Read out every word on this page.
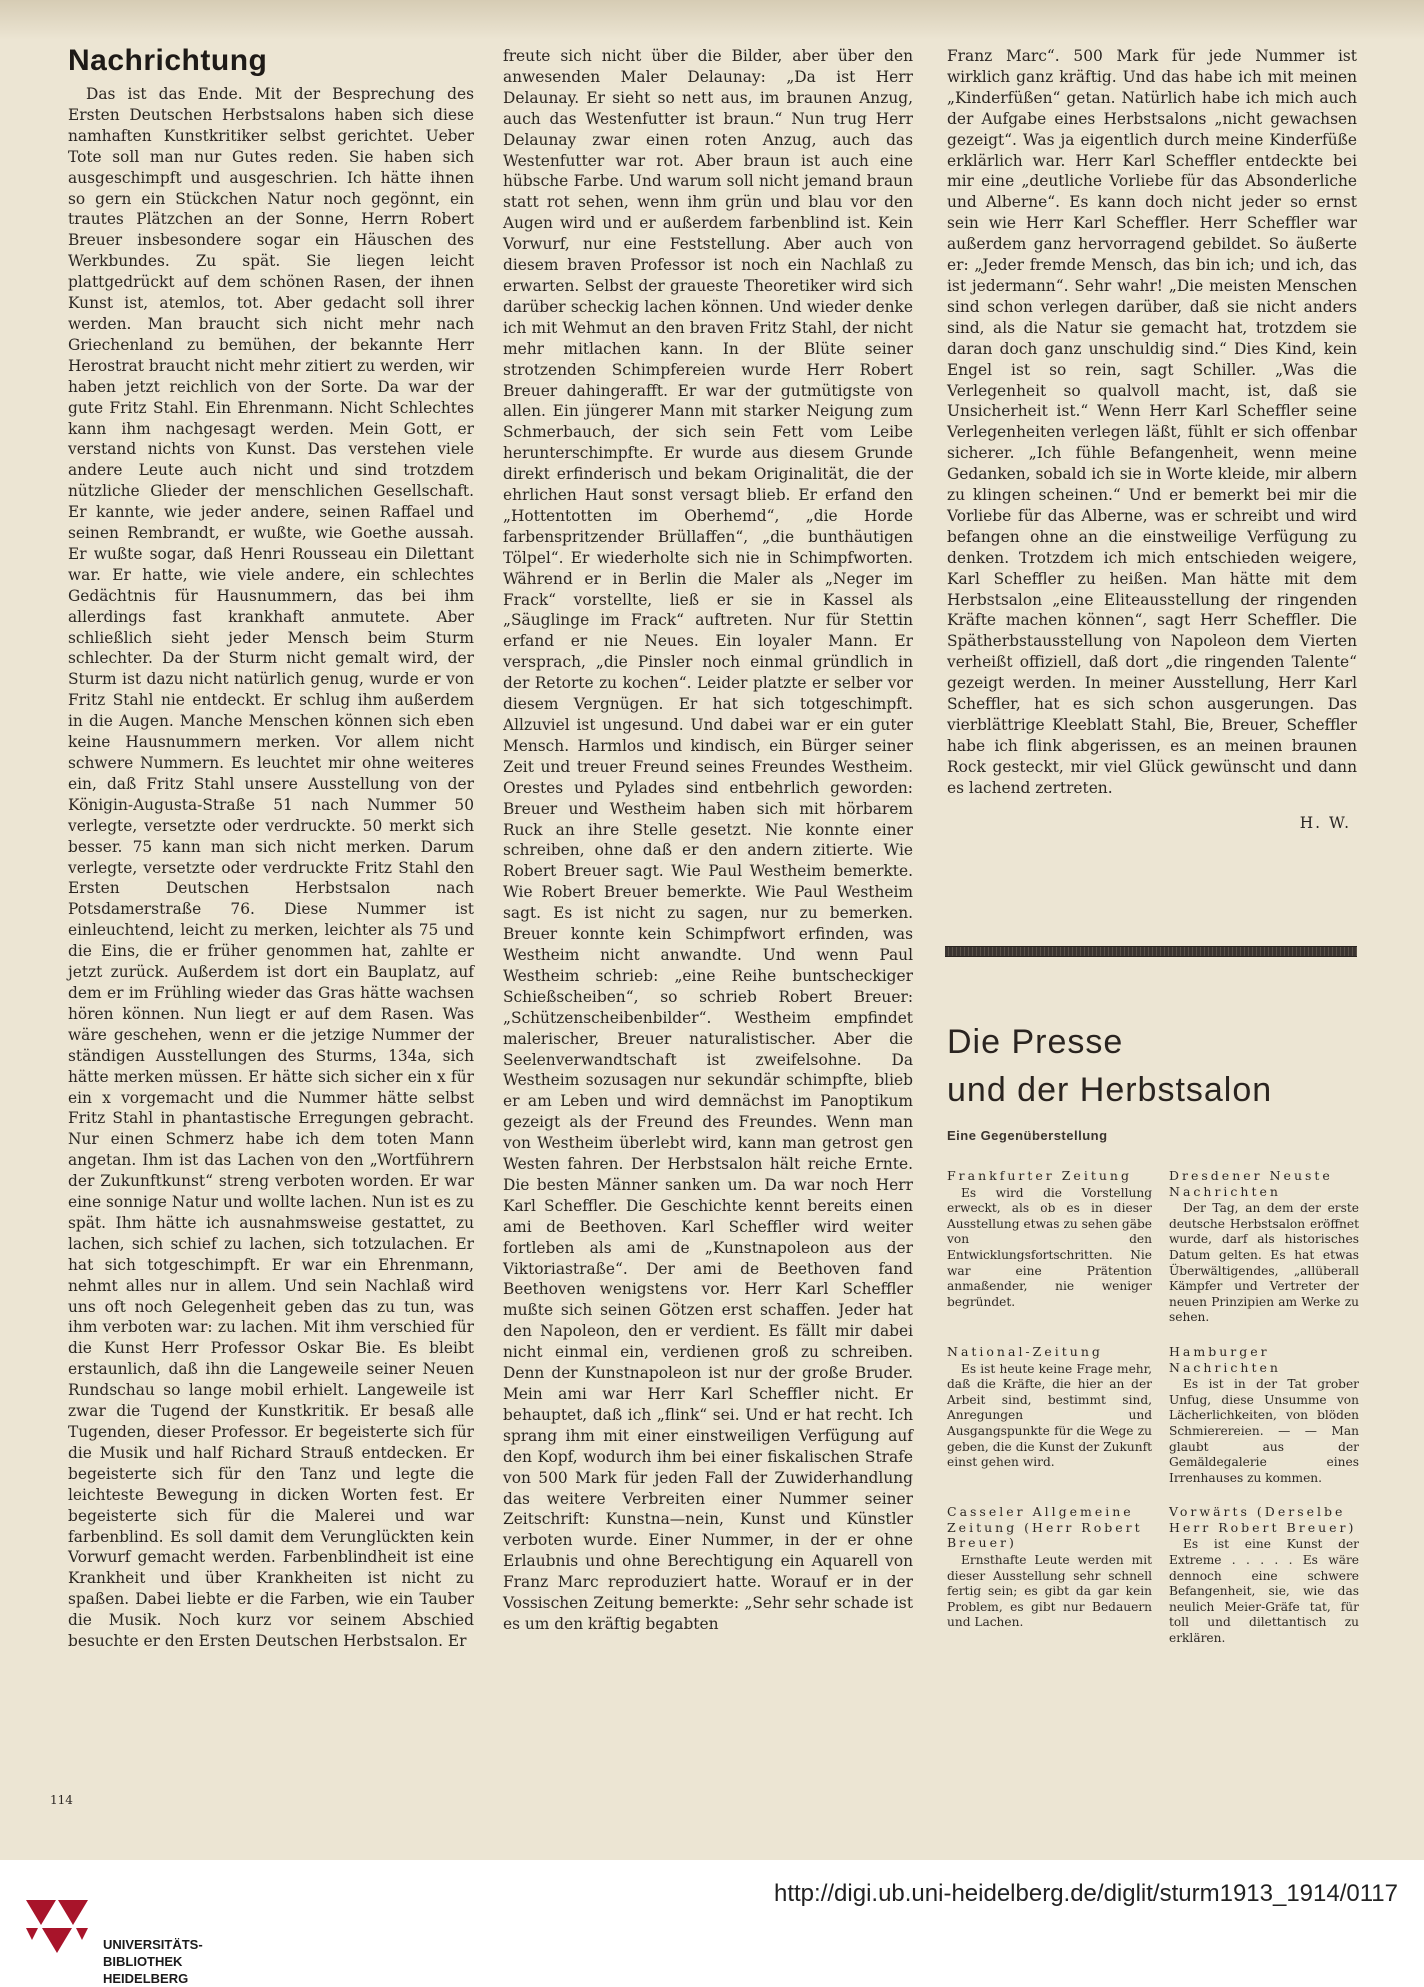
Nachrichtung

Das ist das Ende. Mit der Besprechung des Ersten Deutschen Herbstsalons haben sich diese namhaften Kunstkritiker selbst gerichtet. Ueber Tote soll man nur Gutes reden. Sie haben sich ausgeschimpft und ausgeschrien. Ich hätte ihnen so gern ein Stückchen Natur noch gegönnt, ein trautes Plätzchen an der Sonne, Herrn Robert Breuer insbesondere sogar ein Häuschen des Werkbundes. Zu spät. Sie liegen leicht plattgedrückt auf dem schönen Rasen, der ihnen Kunst ist, atemlos, tot. Aber gedacht soll ihrer werden. Man braucht sich nicht mehr nach Griechenland zu bemühen, der bekannte Herr Herostrat braucht nicht mehr zitiert zu werden, wir haben jetzt reichlich von der Sorte. Da war der gute Fritz Stahl. Ein Ehrenmann. Nicht Schlechtes kann ihm nachgesagt werden. Mein Gott, er verstand nichts von Kunst. Das verstehen viele andere Leute auch nicht und sind trotzdem nützliche Glieder der menschlichen Gesellschaft. Er kannte, wie jeder andere, seinen Raffael und seinen Rembrandt, er wußte, wie Goethe aussah. Er wußte sogar, daß Henri Rousseau ein Dilettant war. Er hatte, wie viele andere, ein schlechtes Gedächtnis für Hausnummern, das bei ihm allerdings fast krankhaft anmutete. Aber schließlich sieht jeder Mensch beim Sturm schlechter. Da der Sturm nicht gemalt wird, der Sturm ist dazu nicht natürlich genug, wurde er von Fritz Stahl nie entdeckt. Er schlug ihm außerdem in die Augen. Manche Menschen können sich eben keine Hausnummern merken. Vor allem nicht schwere Nummern. Es leuchtet mir ohne weiteres ein, daß Fritz Stahl unsere Ausstellung von der Königin-Augusta-Straße 51 nach Nummer 50 verlegte, versetzte oder verdruckte. 50 merkt sich besser. 75 kann man sich nicht merken. Darum verlegte, versetzte oder verdruckte Fritz Stahl den Ersten Deutschen Herbstsalon nach Potsdamerstraße 76. Diese Nummer ist einleuchtend, leicht zu merken, leichter als 75 und die Eins, die er früher genommen hat, zahlte er jetzt zurück. Außerdem ist dort ein Bauplatz, auf dem er im Frühling wieder das Gras hätte wachsen hören können. Nun liegt er auf dem Rasen. Was wäre geschehen, wenn er die jetzige Nummer der ständigen Ausstellungen des Sturms, 134a, sich hätte merken müssen. Er hätte sich sicher ein x für ein x vorgemacht und die Nummer hätte selbst Fritz Stahl in phantastische Erregungen gebracht. Nur einen Schmerz habe ich dem toten Mann angetan. Ihm ist das Lachen von den „Wortführern der Zukunftkunst“ streng verboten worden. Er war eine sonnige Natur und wollte lachen. Nun ist es zu spät. Ihm hätte ich ausnahmsweise gestattet, zu lachen, sich schief zu lachen, sich totzulachen. Er hat sich totgeschimpft. Er war ein Ehrenmann, nehmt alles nur in allem. Und sein Nachlaß wird uns oft noch Gelegenheit geben das zu tun, was ihm verboten war: zu lachen. Mit ihm verschied für die Kunst Herr Professor Oskar Bie. Es bleibt erstaunlich, daß ihn die Langeweile seiner Neuen Rundschau so lange mobil erhielt. Langeweile ist zwar die Tugend der Kunstkritik. Er besaß alle Tugenden, dieser Professor. Er begeisterte sich für die Musik und half Richard Strauß entdecken. Er begeisterte sich für den Tanz und legte die leichteste Bewegung in dicken Worten fest. Er begeisterte sich für die Malerei und war farbenblind. Es soll damit dem Verunglückten kein Vorwurf gemacht werden. Farbenblindheit ist eine Krankheit und über Krankheiten ist nicht zu spaßen. Dabei liebte er die Farben, wie ein Tauber die Musik. Noch kurz vor seinem Abschied besuchte er den Ersten Deutschen Herbstsalon. Er

freute sich nicht über die Bilder, aber über den anwesenden Maler Delaunay: „Da ist Herr Delaunay. Er sieht so nett aus, im braunen Anzug, auch das Westenfutter ist braun.“ Nun trug Herr Delaunay zwar einen roten Anzug, auch das Westenfutter war rot. Aber braun ist auch eine hübsche Farbe. Und warum soll nicht jemand braun statt rot sehen, wenn ihm grün und blau vor den Augen wird und er außerdem farbenblind ist. Kein Vorwurf, nur eine Feststellung. Aber auch von diesem braven Professor ist noch ein Nachlaß zu erwarten. Selbst der graueste Theoretiker wird sich darüber scheckig lachen können. Und wieder denke ich mit Wehmut an den braven Fritz Stahl, der nicht mehr mitlachen kann. In der Blüte seiner strotzenden Schimpfereien wurde Herr Robert Breuer dahingerafft. Er war der gutmütigste von allen. Ein jüngerer Mann mit starker Neigung zum Schmerbauch, der sich sein Fett vom Leibe herunterschimpfte. Er wurde aus diesem Grunde direkt erfinderisch und bekam Originalität, die der ehrlichen Haut sonst versagt blieb. Er erfand den „Hottentotten im Oberhemd“, „die Horde farbenspritzender Brüllaffen“, „die bunthäutigen Tölpel“. Er wiederholte sich nie in Schimpfworten. Während er in Berlin die Maler als „Neger im Frack“ vorstellte, ließ er sie in Kassel als „Säuglinge im Frack“ auftreten. Nur für Stettin erfand er nie Neues. Ein loyaler Mann. Er versprach, „die Pinsler noch einmal gründlich in der Retorte zu kochen“. Leider platzte er selber vor diesem Vergnügen. Er hat sich totgeschimpft. Allzuviel ist ungesund. Und dabei war er ein guter Mensch. Harmlos und kindisch, ein Bürger seiner Zeit und treuer Freund seines Freundes Westheim. Orestes und Pylades sind entbehrlich geworden: Breuer und Westheim haben sich mit hörbarem Ruck an ihre Stelle gesetzt. Nie konnte einer schreiben, ohne daß er den andern zitierte. Wie Robert Breuer sagt. Wie Paul Westheim bemerkte. Wie Robert Breuer bemerkte. Wie Paul Westheim sagt. Es ist nicht zu sagen, nur zu bemerken. Breuer konnte kein Schimpfwort erfinden, was Westheim nicht anwandte. Und wenn Paul Westheim schrieb: „eine Reihe buntscheckiger Schießscheiben“, so schrieb Robert Breuer: „Schützenscheibenbilder“. Westheim empfindet malerischer, Breuer naturalistischer. Aber die Seelenverwandtschaft ist zweifelsohne. Da Westheim sozusagen nur sekundär schimpfte, blieb er am Leben und wird demnächst im Panoptikum gezeigt als der Freund des Freundes. Wenn man von Westheim überlebt wird, kann man getrost gen Westen fahren. Der Herbstsalon hält reiche Ernte. Die besten Männer sanken um. Da war noch Herr Karl Scheffler. Die Geschichte kennt bereits einen ami de Beethoven. Karl Scheffler wird weiter fortleben als ami de „Kunstnapoleon aus der Viktoriastraße“. Der ami de Beethoven fand Beethoven wenigstens vor. Herr Karl Scheffler mußte sich seinen Götzen erst schaffen. Jeder hat den Napoleon, den er verdient. Es fällt mir dabei nicht einmal ein, verdienen groß zu schreiben. Denn der Kunstnapoleon ist nur der große Bruder. Mein ami war Herr Karl Scheffler nicht. Er behauptet, daß ich „flink“ sei. Und er hat recht. Ich sprang ihm mit einer einstweiligen Verfügung auf den Kopf, wodurch ihm bei einer fiskalischen Strafe von 500 Mark für jeden Fall der Zuwiderhandlung das weitere Verbreiten einer Nummer seiner Zeitschrift: Kunstna—nein, Kunst und Künstler verboten wurde. Einer Nummer, in der er ohne Erlaubnis und ohne Berechtigung ein Aquarell von Franz Marc reproduziert hatte. Worauf er in der Vossischen Zeitung bemerkte: „Sehr sehr schade ist es um den kräftig begabten

Franz Marc“. 500 Mark für jede Nummer ist wirklich ganz kräftig. Und das habe ich mit meinen „Kinderfüßen“ getan. Natürlich habe ich mich auch der Aufgabe eines Herbstsalons „nicht gewachsen gezeigt“. Was ja eigentlich durch meine Kinderfüße erklärlich war. Herr Karl Scheffler entdeckte bei mir eine „deutliche Vorliebe für das Absonderliche und Alberne“. Es kann doch nicht jeder so ernst sein wie Herr Karl Scheffler. Herr Scheffler war außerdem ganz hervorragend gebildet. So äußerte er: „Jeder fremde Mensch, das bin ich; und ich, das ist jedermann“. Sehr wahr! „Die meisten Menschen sind schon verlegen darüber, daß sie nicht anders sind, als die Natur sie gemacht hat, trotzdem sie daran doch ganz unschuldig sind.“ Dies Kind, kein Engel ist so rein, sagt Schiller. „Was die Verlegenheit so qualvoll macht, ist, daß sie Unsicherheit ist.“ Wenn Herr Karl Scheffler seine Verlegenheiten verlegen läßt, fühlt er sich offenbar sicherer. „Ich fühle Befangenheit, wenn meine Gedanken, sobald ich sie in Worte kleide, mir albern zu klingen scheinen.“ Und er bemerkt bei mir die Vorliebe für das Alberne, was er schreibt und wird befangen ohne an die einstweilige Verfügung zu denken. Trotzdem ich mich entschieden weigere, Karl Scheffler zu heißen. Man hätte mit dem Herbstsalon „eine Eliteausstellung der ringenden Kräfte machen können“, sagt Herr Scheffler. Die Spätherbstausstellung von Napoleon dem Vierten verheißt offiziell, daß dort „die ringenden Talente“ gezeigt werden. In meiner Ausstellung, Herr Karl Scheffler, hat es sich schon ausgerungen. Das vierblättrige Kleeblatt Stahl, Bie, Breuer, Scheffler habe ich flink abgerissen, es an meinen braunen Rock gesteckt, mir viel Glück gewünscht und dann es lachend zertreten.

H. W.
Die Presse
und der Herbstsalon
Eine Gegenüberstellung
Frankfurter Zeitung
Es wird die Vorstellung erweckt, als ob es in dieser Ausstellung etwas zu sehen gäbe von den Entwicklungsfortschritten. Nie war eine Prätention anmaßender, nie weniger begründet.
Dresdener Neuste Nachrichten
Der Tag, an dem der erste deutsche Herbstsalon eröffnet wurde, darf als historisches Datum gelten. Es hat etwas Überwältigendes, „allüberall Kämpfer und Vertreter der neuen Prinzipien am Werke zu sehen.
National-Zeitung
Es ist heute keine Frage mehr, daß die Kräfte, die hier an der Arbeit sind, bestimmt sind, Anregungen und Ausgangspunkte für die Wege zu geben, die die Kunst der Zukunft einst gehen wird.
Hamburger Nachrichten
Es ist in der Tat grober Unfug, diese Unsumme von Lächerlichkeiten, von blöden Schmierereien. — — Man glaubt aus der Gemäldegalerie eines Irrenhauses zu kommen.
Casseler Allgemeine Zeitung (Herr Robert Breuer)
Ernsthafte Leute werden mit dieser Ausstellung sehr schnell fertig sein; es gibt da gar kein Problem, es gibt nur Bedauern und Lachen.
Vorwärts (Derselbe Herr Robert Breuer)
Es ist eine Kunst der Extreme . . . . . Es wäre dennoch eine schwere Befangenheit, sie, wie das neulich Meier-Gräfe tat, für toll und dilettantisch zu erklären.
114
UNIVERSITÄTS-
BIBLIOTHEK
HEIDELBERG
http://digi.ub.uni-heidelberg.de/diglit/sturm1913_1914/0117
